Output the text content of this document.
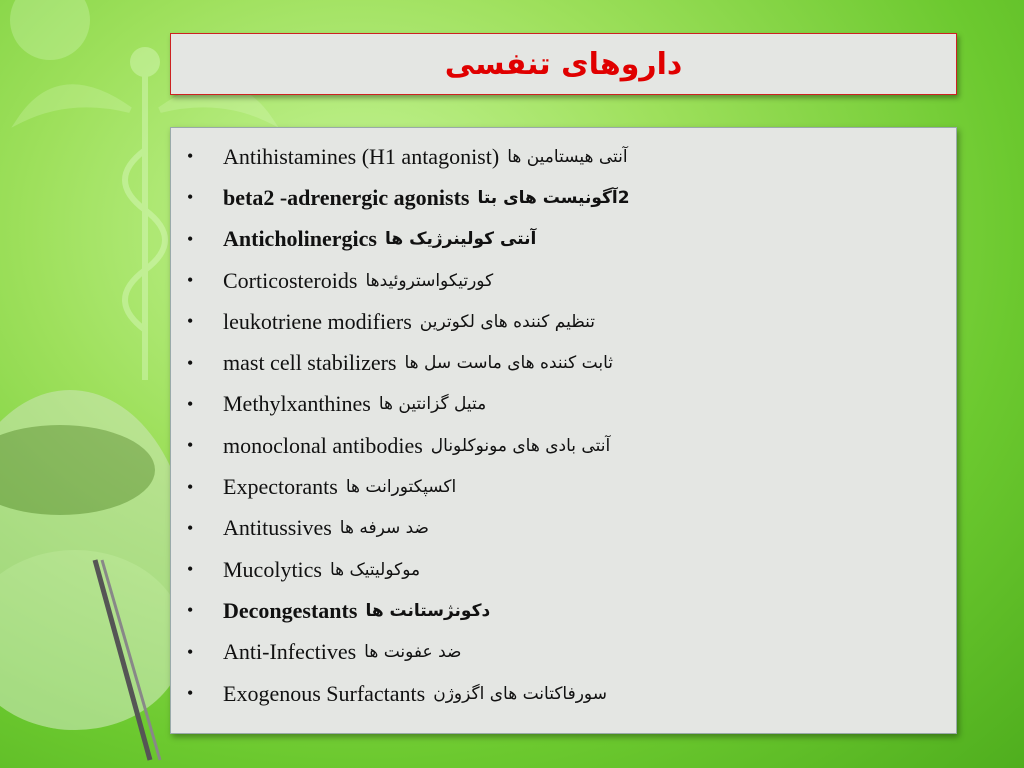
داروهای تنفسی
•	Antihistamines (H1 antagonist) آنتی هیستامین ها
•	beta2 -adrenergic agonists 2آگونیست های بتا
•	Anticholinergics آنتی کولینرژیک ها
•	Corticosteroids کورتیکواستروئیدها
•	leukotriene modifiers تنظیم کننده های لکوترین
•	mast cell stabilizers ثابت کننده های ماست سل ها
•	Methylxanthines متیل گزانتین ها
•	monoclonal antibodies آنتی بادی های مونوکلونال
•	Expectorants اکسپکتورانت ها
•	Antitussives ضد سرفه ها
•	Mucolytics موکولیتیک ها
•	Decongestants دکونژستانت ها
•	Anti-Infectives ضد عفونت ها
•	Exogenous Surfactants سورفاکتانت های اگزوژن
